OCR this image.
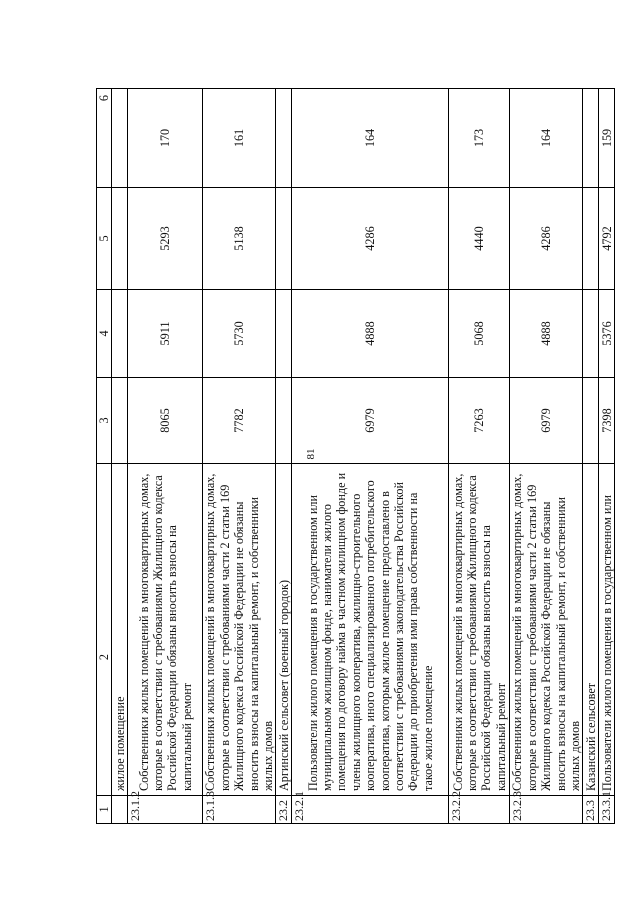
81
1	2	3	4	5	6
	жилое помещение				
23.1.2	Собственники жилых помещений в многоквартирных домах, которые в соответствии с требованиями Жилищного кодекса Российской Федерации обязаны вносить взносы на капитальный ремонт	8065	5911	5293	170
23.1.3	Собственники жилых помещений в многоквартирных домах, которые в соответствии с требованиями части 2 статьи 169 Жилищного кодекса Российской Федерации не обязаны вносить взносы на капитальный ремонт, и собственники жилых домов	7782	5730	5138	161
23.2	Аргинский сельсовет (военный городок)				
23.2.1	Пользователи жилого помещения в государственном или муниципальном жилищном фонде, наниматели жилого помещения по договору найма в частном жилищном фонде и члены жилищного кооператива, жилищно-строительного кооператива, иного специализированного потребительского кооператива, которым жилое помещение предоставлено в соответствии с требованиями законодательства Российской Федерации до приобретения ими права собственности на такое жилое помещение	6979	4888	4286	164
23.2.2	Собственники жилых помещений в многоквартирных домах, которые в соответствии с требованиями Жилищного кодекса Российской Федерации обязаны вносить взносы на капитальный ремонт	7263	5068	4440	173
23.2.3	Собственники жилых помещений в многоквартирных домах, которые в соответствии с требованиями части 2 статьи 169 Жилищного кодекса Российской Федерации не обязаны вносить взносы на капитальный ремонт, и собственники жилых домов	6979	4888	4286	164
23.3	Казанский сельсовет				
23.3.1	Пользователи жилого помещения в государственном или	7398	5376	4792	159
